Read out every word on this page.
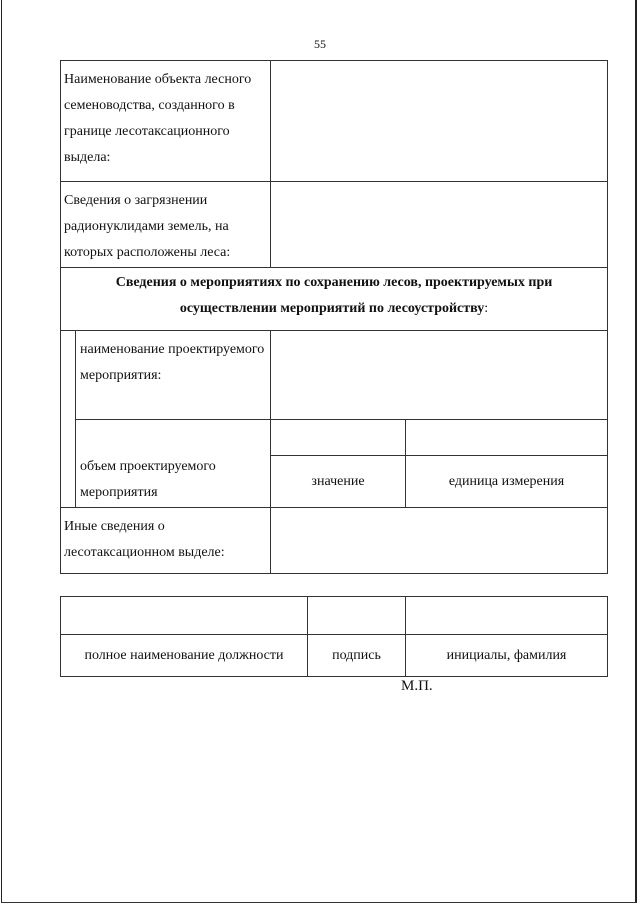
55
Наименование объекта лесного семеноводства, созданного в границе лесотаксационного выдела:			
Сведения о загрязнении радионуклидами земель, на которых расположены леса:			
Сведения о мероприятиях по сохранению лесов, проектируемых при осуществлении мероприятий по лесоустройству:			
	наименование проектируемого мероприятия:		
	объем проектируемого мероприятия		
		значение	единица измерения
Иные сведения о лесотаксационном выделе:			

полное наименование должности	подпись	инициалы, фамилия
М.П.
